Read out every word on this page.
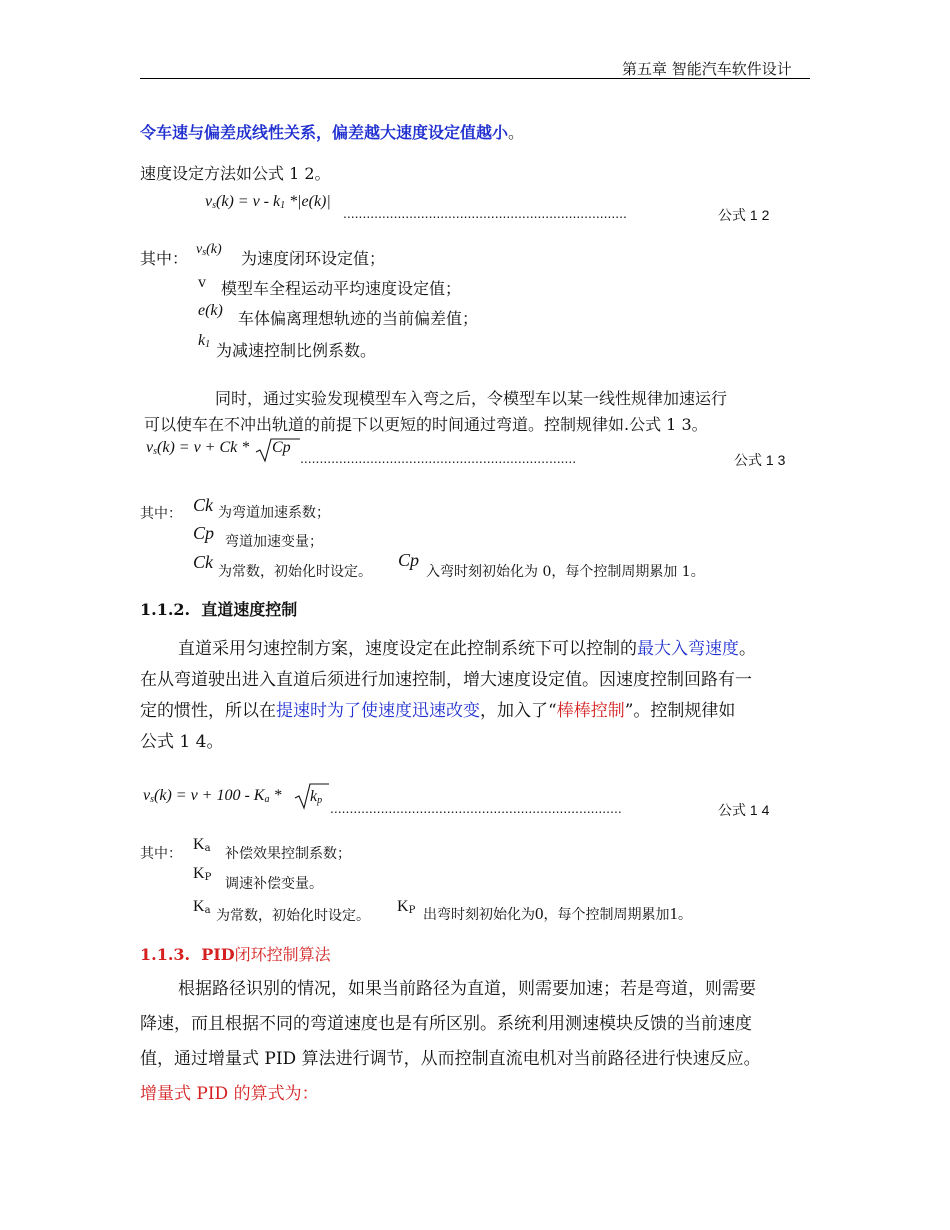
第五章 智能汽车软件设计
令车速与偏差成线性关系，偏差越大速度设定值越小。
速度设定方法如公式 1 2。
$v_s(k) = v - k_1$ *|e(k)|
.........................................................................	公式 1 2
其中： $v_s(k)$ 为速度闭环设定值；
v 模型车全程运动平均速度设定值；
e(k) 车体偏离理想轨迹的当前偏差值；
$k_1$ 为减速控制比例系数。
同时，通过实验发现模型车入弯之后，令模型车以某一线性规律加速运行
可以使车在不冲出轨道的前提下以更短的时间通过弯道。控制规律如.公式 1 3。
$v_s(k) = v + Ck * Cp$
.......................................................................	公式 1 3
其中： Ck 为弯道加速系数；
Cp 弯道加速变量；
Ck 为常数，初始化时设定。
Cp
入弯时刻初始化为 0，每个控制周期累加 1。
1.1.2. 直道速度控制
直道采用匀速控制方案，速度设定在此控制系统下可以控制的最大入弯速度。
在从弯道驶出进入直道后须进行加速控制，增大速度设定值。因速度控制回路有一
定的惯性，所以在提速时为了使速度迅速改变，加入了“棒棒控制”。控制规律如
公式 1 4。
$v_s(k) = v + 100 - K_a * k_p$ ...........................................................................	公式 1 4
其中：
$K_a$ 补偿效果控制系数；
$K_P$ 调速补偿变量。
$K_a$ 为常数，初始化时设定。
$K_P$ 出弯时刻初始化为0，每个控制周期累加1。
1.1.3. PID闭环控制算法
根据路径识别的情况，如果当前路径为直道，则需要加速；若是弯道，则需要
降速，而且根据不同的弯道速度也是有所区别。系统利用测速模块反馈的当前速度
值，通过增量式 PID 算法进行调节，从而控制直流电机对当前路径进行快速反应。
增量式 PID 的算式为：
